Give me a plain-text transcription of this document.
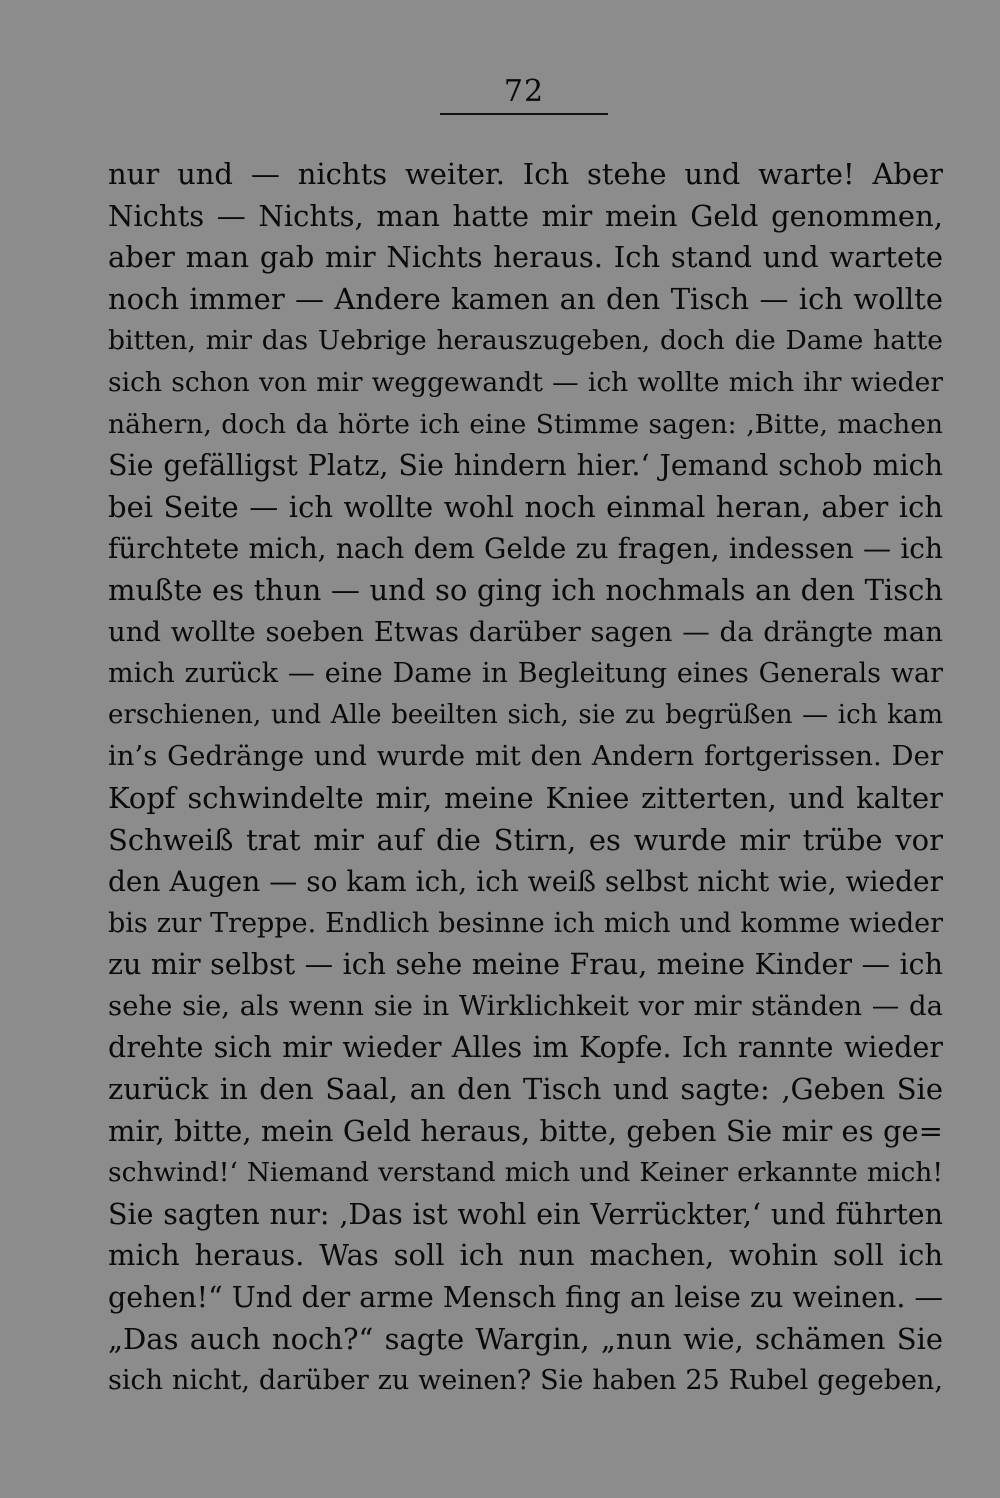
72
nur und — nichts weiter. Ich stehe und warte! Aber
Nichts — Nichts, man hatte mir mein Geld genommen,
aber man gab mir Nichts heraus. Ich stand und wartete
noch immer — Andere kamen an den Tisch — ich wollte
bitten, mir das Uebrige herauszugeben, doch die Dame hatte
sich schon von mir weggewandt — ich wollte mich ihr wieder
nähern, doch da hörte ich eine Stimme sagen: ‚Bitte, machen
Sie gefälligst Platz, Sie hindern hier.‘ Jemand schob mich
bei Seite — ich wollte wohl noch einmal heran, aber ich
fürchtete mich, nach dem Gelde zu fragen, indessen — ich
mußte es thun — und so ging ich nochmals an den Tisch
und wollte soeben Etwas darüber sagen — da drängte man
mich zurück — eine Dame in Begleitung eines Generals war
erschienen, und Alle beeilten sich, sie zu begrüßen — ich kam
in’s Gedränge und wurde mit den Andern fortgerissen. Der
Kopf schwindelte mir, meine Kniee zitterten, und kalter
Schweiß trat mir auf die Stirn, es wurde mir trübe vor
den Augen — so kam ich, ich weiß selbst nicht wie, wieder
bis zur Treppe. Endlich besinne ich mich und komme wieder
zu mir selbst — ich sehe meine Frau, meine Kinder — ich
sehe sie, als wenn sie in Wirklichkeit vor mir ständen — da
drehte sich mir wieder Alles im Kopfe. Ich rannte wieder
zurück in den Saal, an den Tisch und sagte: ‚Geben Sie
mir, bitte, mein Geld heraus, bitte, geben Sie mir es ge=
schwind!‘ Niemand verstand mich und Keiner erkannte mich!
Sie sagten nur: ‚Das ist wohl ein Verrückter,‘ und führten
mich heraus. Was soll ich nun machen, wohin soll ich
gehen!“ Und der arme Mensch fing an leise zu weinen. —
„Das auch noch?“ sagte Wargin, „nun wie, schämen Sie
sich nicht, darüber zu weinen? Sie haben 25 Rubel gegeben,
